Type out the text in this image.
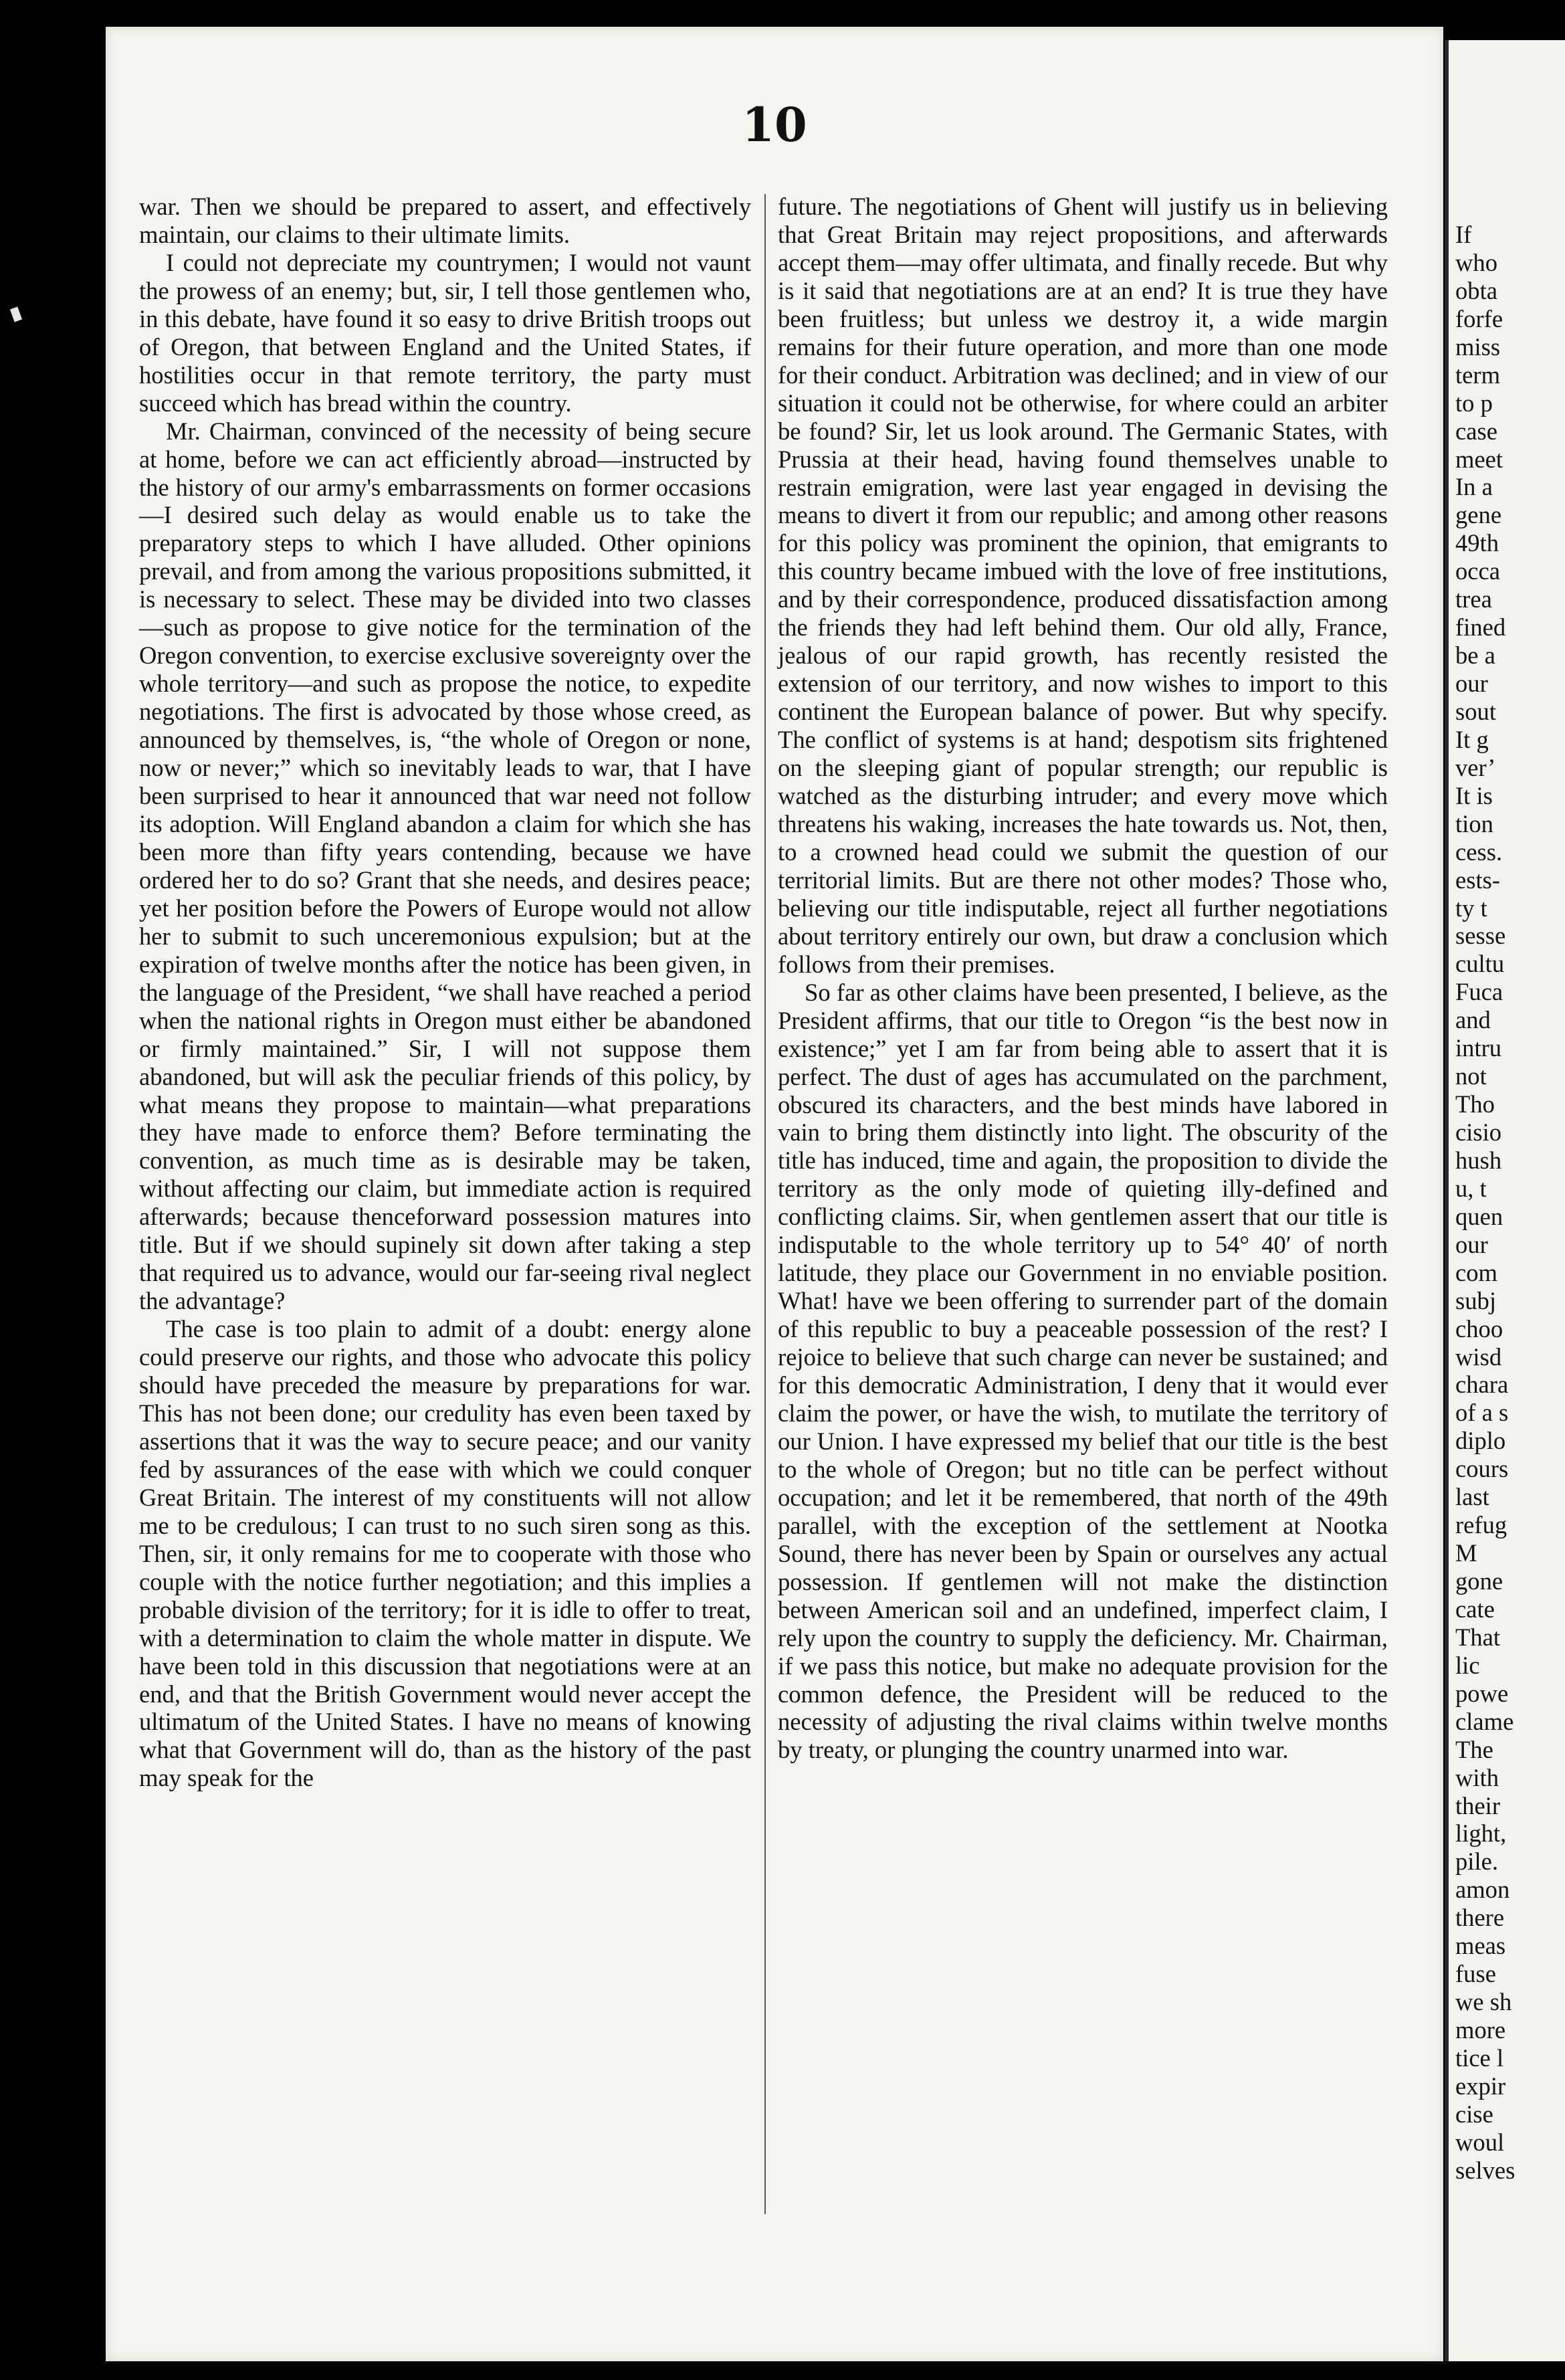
10

war. Then we should be prepared to assert, and effectively maintain, our claims to their ultimate limits.

I could not depreciate my countrymen; I would not vaunt the prowess of an enemy; but, sir, I tell those gentlemen who, in this debate, have found it so easy to drive British troops out of Oregon, that between England and the United States, if hostilities occur in that remote territory, the party must succeed which has bread within the country.

Mr. Chairman, convinced of the necessity of being secure at home, before we can act efficiently abroad—instructed by the history of our army's embarrassments on former occasions—I desired such delay as would enable us to take the preparatory steps to which I have alluded. Other opinions prevail, and from among the various propositions submitted, it is necessary to select. These may be divided into two classes—such as propose to give notice for the termination of the Oregon convention, to exercise exclusive sovereignty over the whole territory—and such as propose the notice, to expedite negotiations. The first is advocated by those whose creed, as announced by themselves, is, “the whole of Oregon or none, now or never;” which so inevitably leads to war, that I have been surprised to hear it announced that war need not follow its adoption. Will England abandon a claim for which she has been more than fifty years contending, because we have ordered her to do so? Grant that she needs, and desires peace; yet her position before the Powers of Europe would not allow her to submit to such unceremonious expulsion; but at the expiration of twelve months after the notice has been given, in the language of the President, “we shall have reached a period when the national rights in Oregon must either be abandoned or firmly maintained.” Sir, I will not suppose them abandoned, but will ask the peculiar friends of this policy, by what means they propose to maintain—what preparations they have made to enforce them? Before terminating the convention, as much time as is desirable may be taken, without affecting our claim, but immediate action is required afterwards; because thenceforward possession matures into title. But if we should supinely sit down after taking a step that required us to advance, would our far-seeing rival neglect the advantage?

The case is too plain to admit of a doubt: energy alone could preserve our rights, and those who advocate this policy should have preceded the measure by preparations for war. This has not been done; our credulity has even been taxed by assertions that it was the way to secure peace; and our vanity fed by assurances of the ease with which we could conquer Great Britain. The interest of my constituents will not allow me to be credulous; I can trust to no such siren song as this. Then, sir, it only remains for me to cooperate with those who couple with the notice further negotiation; and this implies a probable division of the territory; for it is idle to offer to treat, with a determination to claim the whole matter in dispute. We have been told in this discussion that negotiations were at an end, and that the British Government would never accept the ultimatum of the United States. I have no means of knowing what that Government will do, than as the history of the past may speak for the

future. The negotiations of Ghent will justify us in believing that Great Britain may reject propositions, and afterwards accept them—may offer ultimata, and finally recede. But why is it said that negotiations are at an end? It is true they have been fruitless; but unless we destroy it, a wide margin remains for their future operation, and more than one mode for their conduct. Arbitration was declined; and in view of our situation it could not be otherwise, for where could an arbiter be found? Sir, let us look around. The Germanic States, with Prussia at their head, having found themselves unable to restrain emigration, were last year engaged in devising the means to divert it from our republic; and among other reasons for this policy was prominent the opinion, that emigrants to this country became imbued with the love of free institutions, and by their correspondence, produced dissatisfaction among the friends they had left behind them. Our old ally, France, jealous of our rapid growth, has recently resisted the extension of our territory, and now wishes to import to this continent the European balance of power. But why specify. The conflict of systems is at hand; despotism sits frightened on the sleeping giant of popular strength; our republic is watched as the disturbing intruder; and every move which threatens his waking, increases the hate towards us. Not, then, to a crowned head could we submit the question of our territorial limits. But are there not other modes? Those who, believing our title indisputable, reject all further negotiations about territory entirely our own, but draw a conclusion which follows from their premises.

So far as other claims have been presented, I believe, as the President affirms, that our title to Oregon “is the best now in existence;” yet I am far from being able to assert that it is perfect. The dust of ages has accumulated on the parchment, obscured its characters, and the best minds have labored in vain to bring them distinctly into light. The obscurity of the title has induced, time and again, the proposition to divide the territory as the only mode of quieting illy-defined and conflicting claims. Sir, when gentlemen assert that our title is indisputable to the whole territory up to 54° 40′ of north latitude, they place our Government in no enviable position. What! have we been offering to surrender part of the domain of this republic to buy a peaceable possession of the rest? I rejoice to believe that such charge can never be sustained; and for this democratic Administration, I deny that it would ever claim the power, or have the wish, to mutilate the territory of our Union. I have expressed my belief that our title is the best to the whole of Oregon; but no title can be perfect without occupation; and let it be remembered, that north of the 49th parallel, with the exception of the settlement at Nootka Sound, there has never been by Spain or ourselves any actual possession. If gentlemen will not make the distinction between American soil and an undefined, imperfect claim, I rely upon the country to supply the deficiency. Mr. Chairman, if we pass this notice, but make no adequate provision for the common defence, the President will be reduced to the necessity of adjusting the rival claims within twelve months by treaty, or plunging the country unarmed into war.

If
who
obta
forfe
miss
term
to p
case
meet
In a
gene
49th
occa
trea
fined
be a
our
sout
It g
ver’
It is
tion
cess.
ests-
ty t
sesse
cultu
Fuca
and
intru
not
Tho
cisio
hush
u, t
quen
our
com
subj
choo
wisd
chara
of a s
diplo
cours
last
refug
M
gone
cate
That
lic
powe
clame
The
with
their
light,
pile.
amon
there
meas
fuse
we sh
more
tice l
expir
cise
woul
selves
